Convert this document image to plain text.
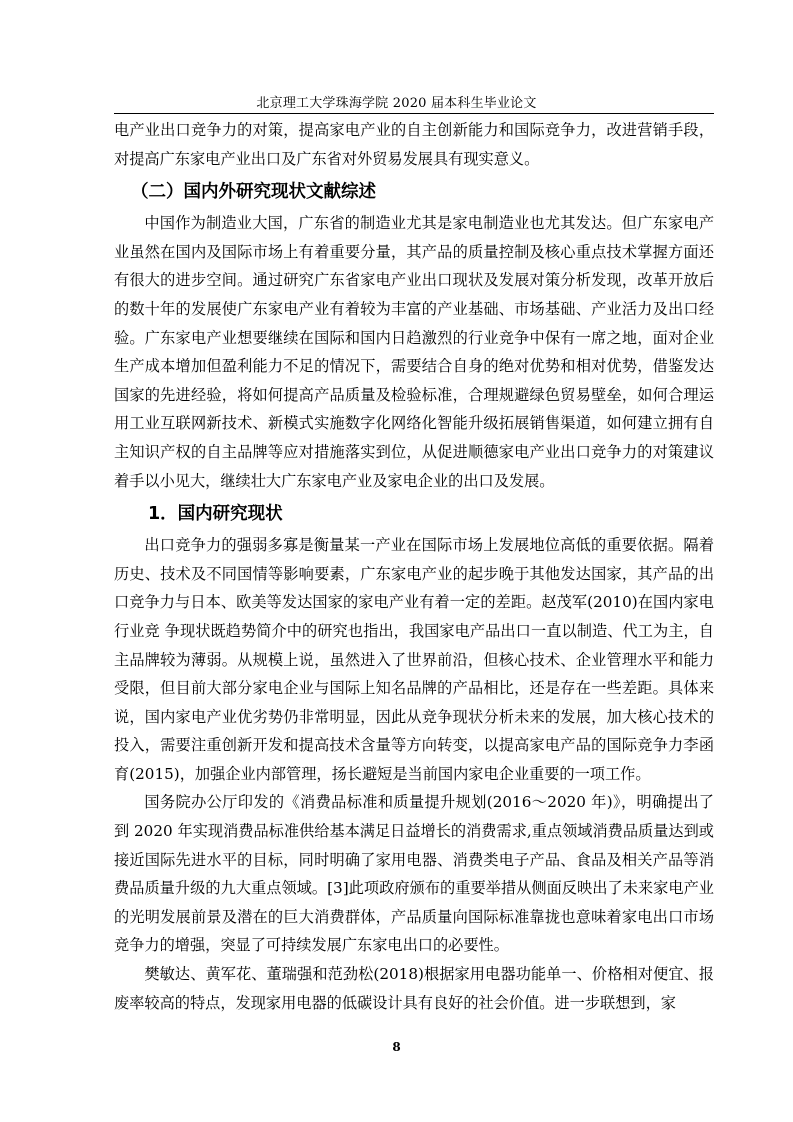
北京理工大学珠海学院 2020 届本科生毕业论文

电产业出口竞争力的对策，提高家电产业的自主创新能力和国际竞争力，改进营销手段，对提高广东家电产业出口及广东省对外贸易发展具有现实意义。

（二）国内外研究现状文献综述

中国作为制造业大国，广东省的制造业尤其是家电制造业也尤其发达。但广东家电产业虽然在国内及国际市场上有着重要分量，其产品的质量控制及核心重点技术掌握方面还有很大的进步空间。通过研究广东省家电产业出口现状及发展对策分析发现，改革开放后的数十年的发展使广东家电产业有着较为丰富的产业基础、市场基础、产业活力及出口经验。广东家电产业想要继续在国际和国内日趋激烈的行业竞争中保有一席之地，面对企业生产成本增加但盈利能力不足的情况下，需要结合自身的绝对优势和相对优势，借鉴发达国家的先进经验，将如何提高产品质量及检验标准，合理规避绿色贸易壁垒，如何合理运用工业互联网新技术、新模式实施数字化网络化智能升级拓展销售渠道，如何建立拥有自主知识产权的自主品牌等应对措施落实到位，从促进顺德家电产业出口竞争力的对策建议着手以小见大，继续壮大广东家电产业及家电企业的出口及发展。

1．国内研究现状

出口竞争力的强弱多寡是衡量某一产业在国际市场上发展地位高低的重要依据。隔着历史、技术及不同国情等影响要素，广东家电产业的起步晚于其他发达国家，其产品的出口竞争力与日本、欧美等发达国家的家电产业有着一定的差距。赵茂军(2010)在国内家电行业竞 争现状既趋势简介中的研究也指出，我国家电产品出口一直以制造、代工为主，自主品牌较为薄弱。从规模上说，虽然进入了世界前沿，但核心技术、企业管理水平和能力受限，但目前大部分家电企业与国际上知名品牌的产品相比，还是存在一些差距。具体来说，国内家电产业优劣势仍非常明显，因此从竞争现状分析未来的发展，加大核心技术的投入，需要注重创新开发和提高技术含量等方向转变，以提高家电产品的国际竞争力李函育(2015)，加强企业内部管理，扬长避短是当前国内家电企业重要的一项工作。

国务院办公厅印发的《消费品标准和质量提升规划(2016～2020 年)》，明确提出了到 2020 年实现消费品标准供给基本满足日益增长的消费需求,重点领域消费品质量达到或接近国际先进水平的目标，同时明确了家用电器、消费类电子产品、食品及相关产品等消费品质量升级的九大重点领域。[3]此项政府颁布的重要举措从侧面反映出了未来家电产业的光明发展前景及潜在的巨大消费群体，产品质量向国际标准靠拢也意味着家电出口市场竞争力的增强，突显了可持续发展广东家电出口的必要性。

樊敏达、黄军花、董瑞强和范劲松(2018)根据家用电器功能单一、价格相对便宜、报废率较高的特点，发现家用电器的低碳设计具有良好的社会价值。进一步联想到，家

8
